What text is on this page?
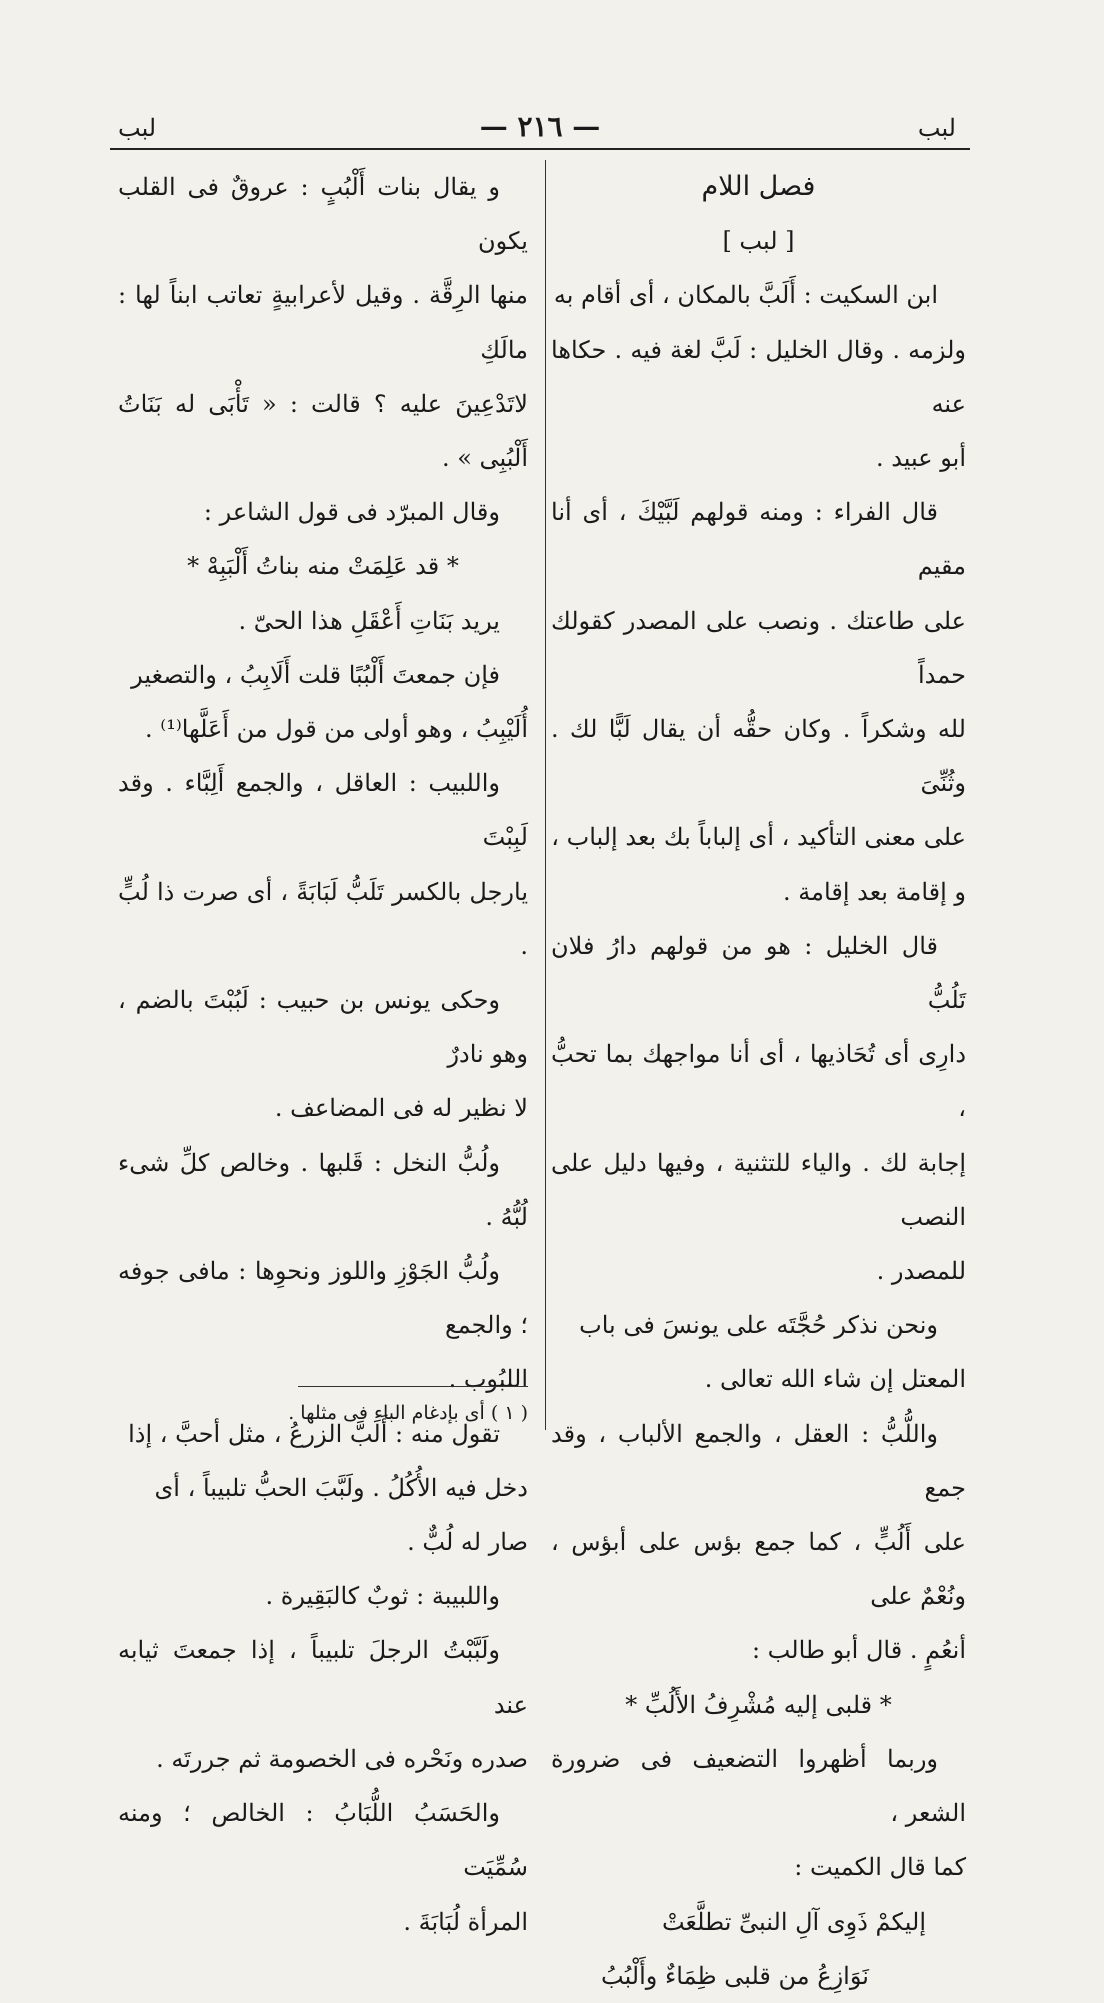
لبب
— ٢١٦ —
لبب

فصل اللام

[ لبب ]

ابن السكيت : أَلَبَّ بالمكان ، أى أقام به

ولزمه . وقال الخليل : لَبَّ لغة فيه . حكاها عنه

أبو عبيد .

قال الفراء : ومنه قولهم لَبَّيْكَ ، أى أنا مقيم

على طاعتك . ونصب على المصدر كقولك حمداً

لله وشكراً . وكان حقُّه أن يقال لَبًّا لك . وثُنِّىَ

على معنى التأكيد ، أى إلباباً بك بعد إلباب ،

و إقامة بعد إقامة .

قال الخليل : هو من قولهم دارُ فلان تَلُبُّ

دارِى أى تُحَاذيها ، أى أنا مواجهك بما تحبُّ ،

إجابة لك . والياء للتثنية ، وفيها دليل على النصب

للمصدر .

ونحن نذكر حُجَّتَه على يونسَ فى باب

المعتل إن شاء الله تعالى .

واللُّبُّ : العقل ، والجمع الألباب ، وقد جمع

على أَلُبٍّ ، كما جمع بؤس على أبؤس ، ونُعْمٌ على

أنعُمٍ . قال أبو طالب :

* قلبى إليه مُشْرِفُ الأَلُبِّ *

وربما أظهروا التضعيف فى ضرورة الشعر ،

كما قال الكميت :

إليكمْ ذَوِى آلِ النبىِّ تطلَّعَتْ

نَوَازِعُ من قلبى ظِمَاءٌ وأَلْبُبُ

و يقال بنات أَلْبُبٍ : عروقٌ فى القلب يكون

منها الرِقَّة . وقيل لأعرابيةٍ تعاتب ابناً لها : مالَكِ

لاتَدْعِينَ عليه ؟ قالت : « تَأْبَى له بَنَاتُ أَلْبُبِى » .

وقال المبرّد فى قول الشاعر :

* قد عَلِمَتْ منه بناتُ أَلْبَبِهْ *

يريد بَنَاتِ أَعْقَلِ هذا الحىّ .

فإن جمعتَ أَلْبُبًا قلت أَلَابِبُ ، والتصغير

أُلَيْبِبُ ، وهو أولى من قول من أَعَلَّها⁽¹⁾ .

واللبيب : العاقل ، والجمع أَلِبَّاء . وقد لَبِبْتَ

يارجل بالكسر تَلَبُّ لَبَابَةً ، أى صرت ذا لُبٍّ .

وحكى يونس بن حبيب : لَبُبْتَ بالضم ، وهو نادرٌ

لا نظير له فى المضاعف .

ولُبُّ النخل : قَلبها . وخالص كلِّ شىء لُبُّهُ .

ولُبُّ الجَوْزِ واللوز ونحوِها : مافى جوفه ؛ والجمع

اللبُوب .

تقول منه : أَلَبَّ الزرعُ ، مثل أحبَّ ، إذا

دخل فيه الأُكُلُ . ولَبَّبَ الحبُّ تلبيباً ، أى

صار له لُبٌّ .

واللبيبة : ثوبٌ كالبَقِيرة .

ولَبَّبْتُ الرجلَ تلبيباً ، إذا جمعتَ ثيابه عند

صدره ونَحْره فى الخصومة ثم جررتَه .

والحَسَبُ اللُّبَابُ : الخالص ؛ ومنه سُمِّيَت

المرأة لُبَابَةَ .

( ١ ) أى بإدغام الباء فى مثلها .
